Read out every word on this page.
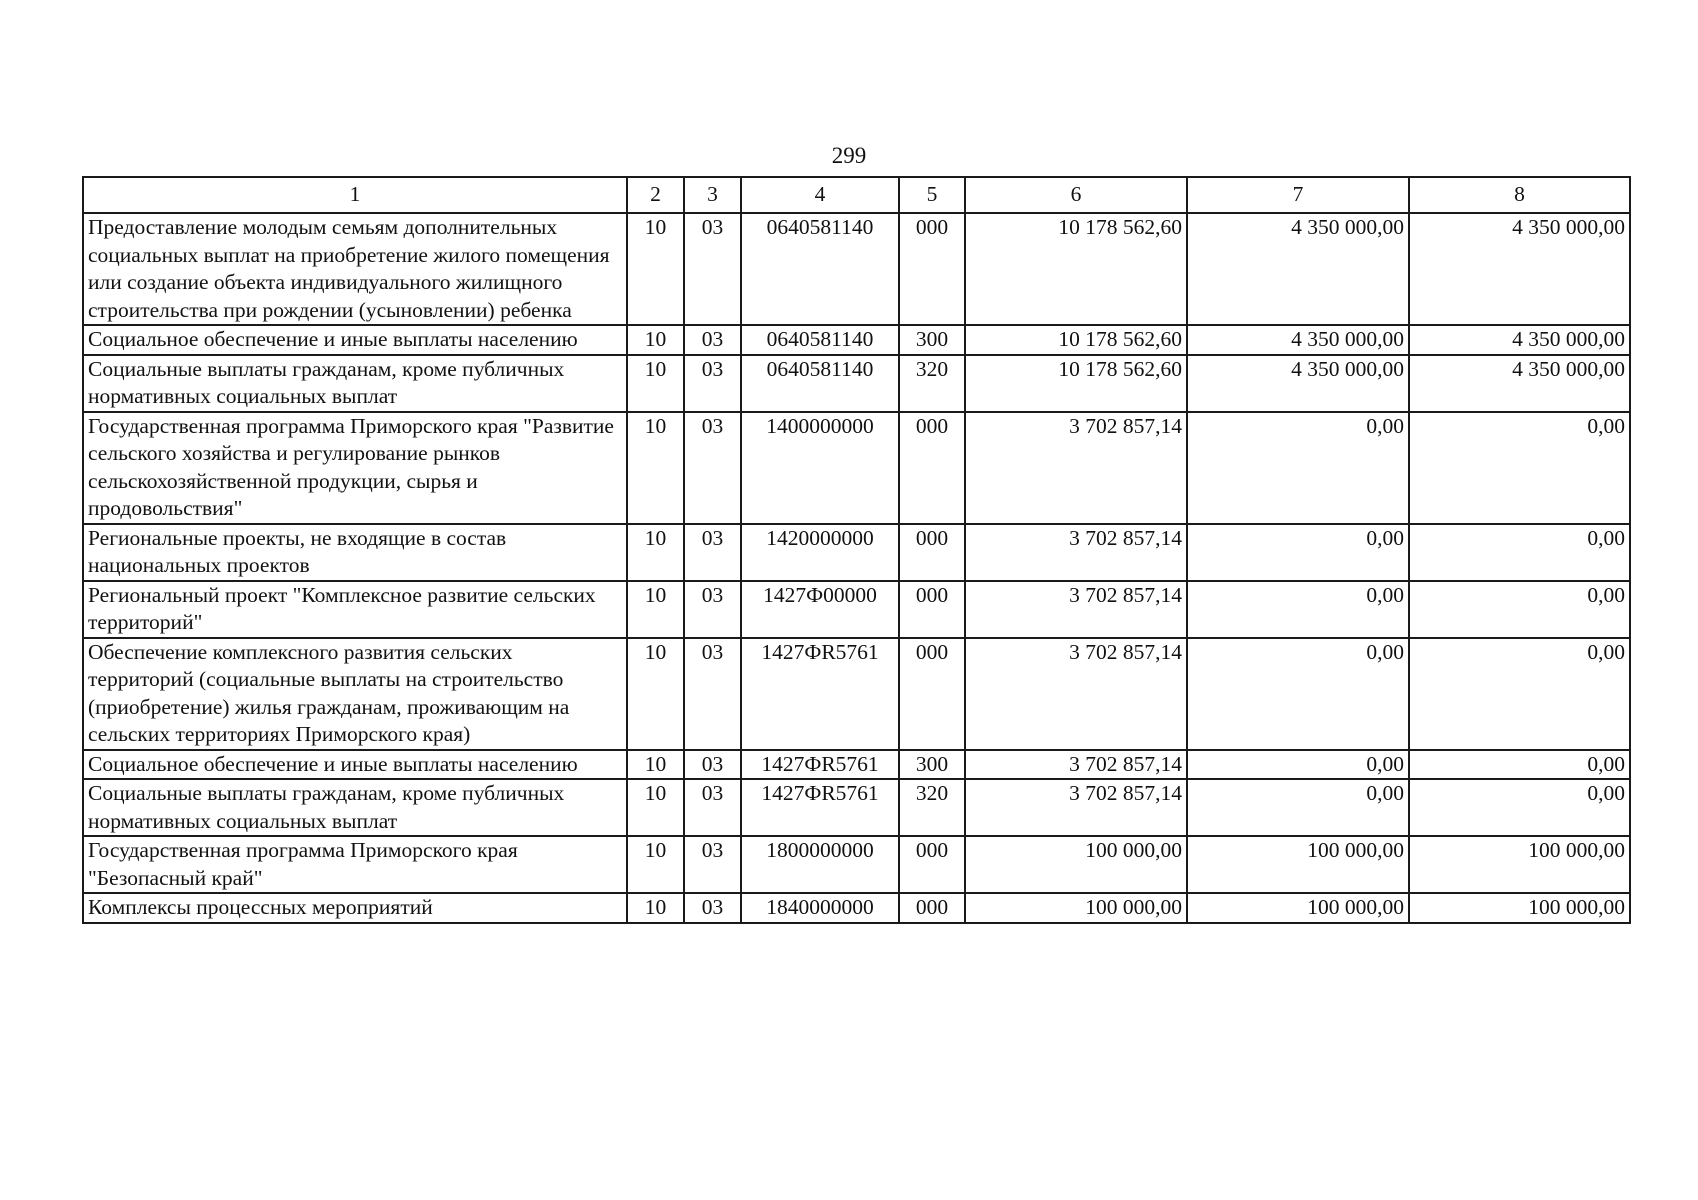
299
1	2	3	4	5	6	7	8
Предоставление молодым семьям дополнительных социальных выплат на приобретение жилого помещения или создание объекта индивидуального жилищного строительства при рождении (усыновлении) ребенка	10	03	0640581140	000	10 178 562,60	4 350 000,00	4 350 000,00
Социальное обеспечение и иные выплаты населению	10	03	0640581140	300	10 178 562,60	4 350 000,00	4 350 000,00
Социальные выплаты гражданам, кроме публичных нормативных социальных выплат	10	03	0640581140	320	10 178 562,60	4 350 000,00	4 350 000,00
Государственная программа Приморского края "Развитие сельского хозяйства и регулирование рынков сельскохозяйственной продукции, сырья и продовольствия"	10	03	1400000000	000	3 702 857,14	0,00	0,00
Региональные проекты, не входящие в состав национальных проектов	10	03	1420000000	000	3 702 857,14	0,00	0,00
Региональный проект "Комплексное развитие сельских территорий"	10	03	1427Ф00000	000	3 702 857,14	0,00	0,00
Обеспечение комплексного развития сельских территорий (социальные выплаты на строительство (приобретение) жилья гражданам, проживающим на сельских территориях Приморского края)	10	03	1427ФR5761	000	3 702 857,14	0,00	0,00
Социальное обеспечение и иные выплаты населению	10	03	1427ФR5761	300	3 702 857,14	0,00	0,00
Социальные выплаты гражданам, кроме публичных нормативных социальных выплат	10	03	1427ФR5761	320	3 702 857,14	0,00	0,00
Государственная программа Приморского края "Безопасный край"	10	03	1800000000	000	100 000,00	100 000,00	100 000,00
Комплексы процессных мероприятий	10	03	1840000000	000	100 000,00	100 000,00	100 000,00
